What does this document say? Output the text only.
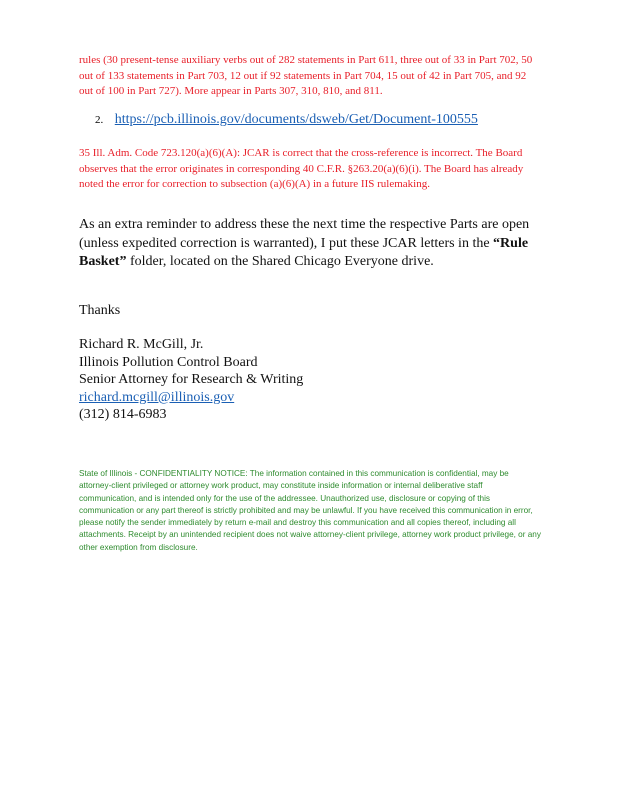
rules (30 present-tense auxiliary verbs out of 282 statements in Part 611, three out of 33 in Part 702, 50 out of 133 statements in Part 703, 12 out if 92 statements in Part 704, 15 out of 42 in Part 705, and 92 out of 100 in Part 727). More appear in Parts 307, 310, 810, and 811.

2. https://pcb.illinois.gov/documents/dsweb/Get/Document-100555

35 Ill. Adm. Code 723.120(a)(6)(A): JCAR is correct that the cross-reference is incorrect. The Board observes that the error originates in corresponding 40 C.F.R. §263.20(a)(6)(i). The Board has already noted the error for correction to subsection (a)(6)(A) in a future IIS rulemaking.

As an extra reminder to address these the next time the respective Parts are open (unless expedited correction is warranted), I put these JCAR letters in the “Rule Basket” folder, located on the Shared Chicago Everyone drive.

Thanks

Richard R. McGill, Jr.
Illinois Pollution Control Board
Senior Attorney for Research & Writing
richard.mcgill@illinois.gov
(312) 814-6983

State of Illinois - CONFIDENTIALITY NOTICE: The information contained in this communication is confidential, may be attorney-client privileged or attorney work product, may constitute inside information or internal deliberative staff communication, and is intended only for the use of the addressee. Unauthorized use, disclosure or copying of this communication or any part thereof is strictly prohibited and may be unlawful. If you have received this communication in error, please notify the sender immediately by return e-mail and destroy this communication and all copies thereof, including all attachments. Receipt by an unintended recipient does not waive attorney-client privilege, attorney work product privilege, or any other exemption from disclosure.
